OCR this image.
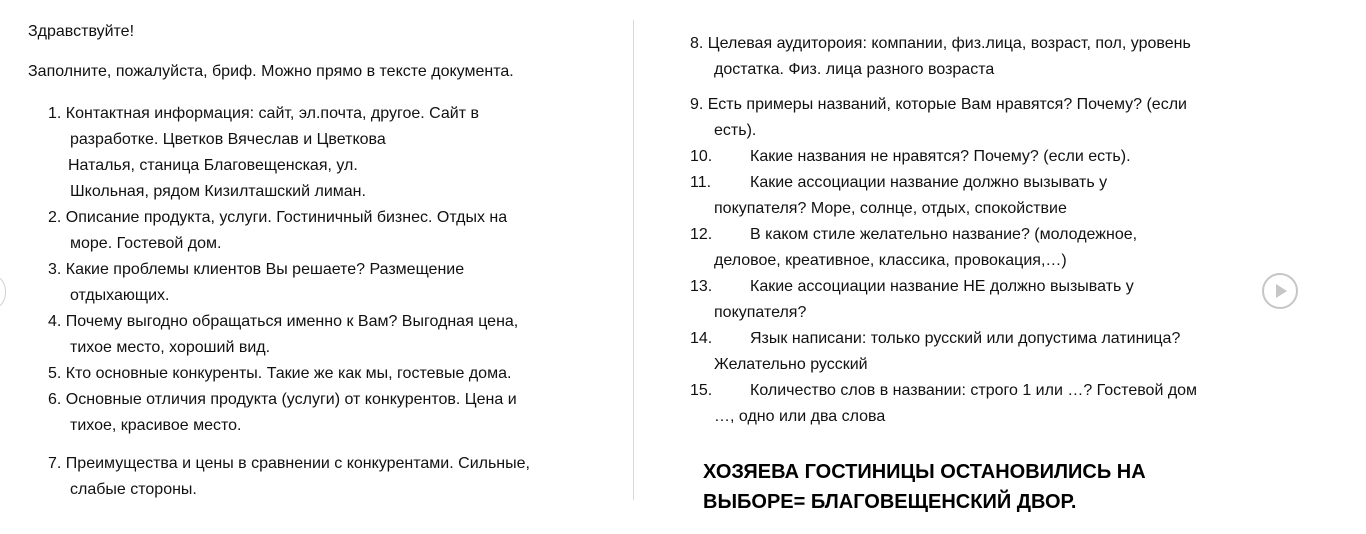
Здравствуйте!
Заполните, пожалуйста, бриф. Можно прямо в тексте документа.
1. Контактная информация: сайт, эл.почта, другое. Сайт в
разработке. Цветков Вячеслав и Цветкова
Наталья, станица Благовещенская, ул.
Школьная, рядом Кизилташский лиман.
2. Описание продукта, услуги. Гостиничный бизнес. Отдых на
море. Гостевой дом.
3. Какие проблемы клиентов Вы решаете? Размещение
отдыхающих.
4. Почему выгодно обращаться именно к Вам? Выгодная цена,
тихое место, хороший вид.
5. Кто основные конкуренты. Такие же как мы, гостевые дома.
6. Основные отличия продукта (услуги) от конкурентов. Цена и
тихое, красивое место.
7. Преимущества и цены в сравнении с конкурентами. Сильные,
слабые стороны.
8. Целевая аудитороия: компании, физ.лица, возраст, пол, уровень
достатка. Физ. лица разного возраста
9. Есть примеры названий, которые Вам нравятся? Почему? (если
есть).
10. Какие названия не нравятся? Почему? (если есть).
11. Какие ассоциации название должно вызывать у
покупателя? Море, солнце, отдых, спокойствие
12. В каком стиле желательно название? (молодежное,
деловое, креативное, классика, провокация,…)
13. Какие ассоциации название НЕ должно вызывать у
покупателя?
14. Язык написани: только русский или допустима латиница?
Желательно русский
15. Количество слов в названии: строго 1 или …? Гостевой дом
…, одно или два слова
ХОЗЯЕВА ГОСТИНИЦЫ ОСТАНОВИЛИСЬ НА
ВЫБОРЕ= БЛАГОВЕЩЕНСКИЙ ДВОР.
